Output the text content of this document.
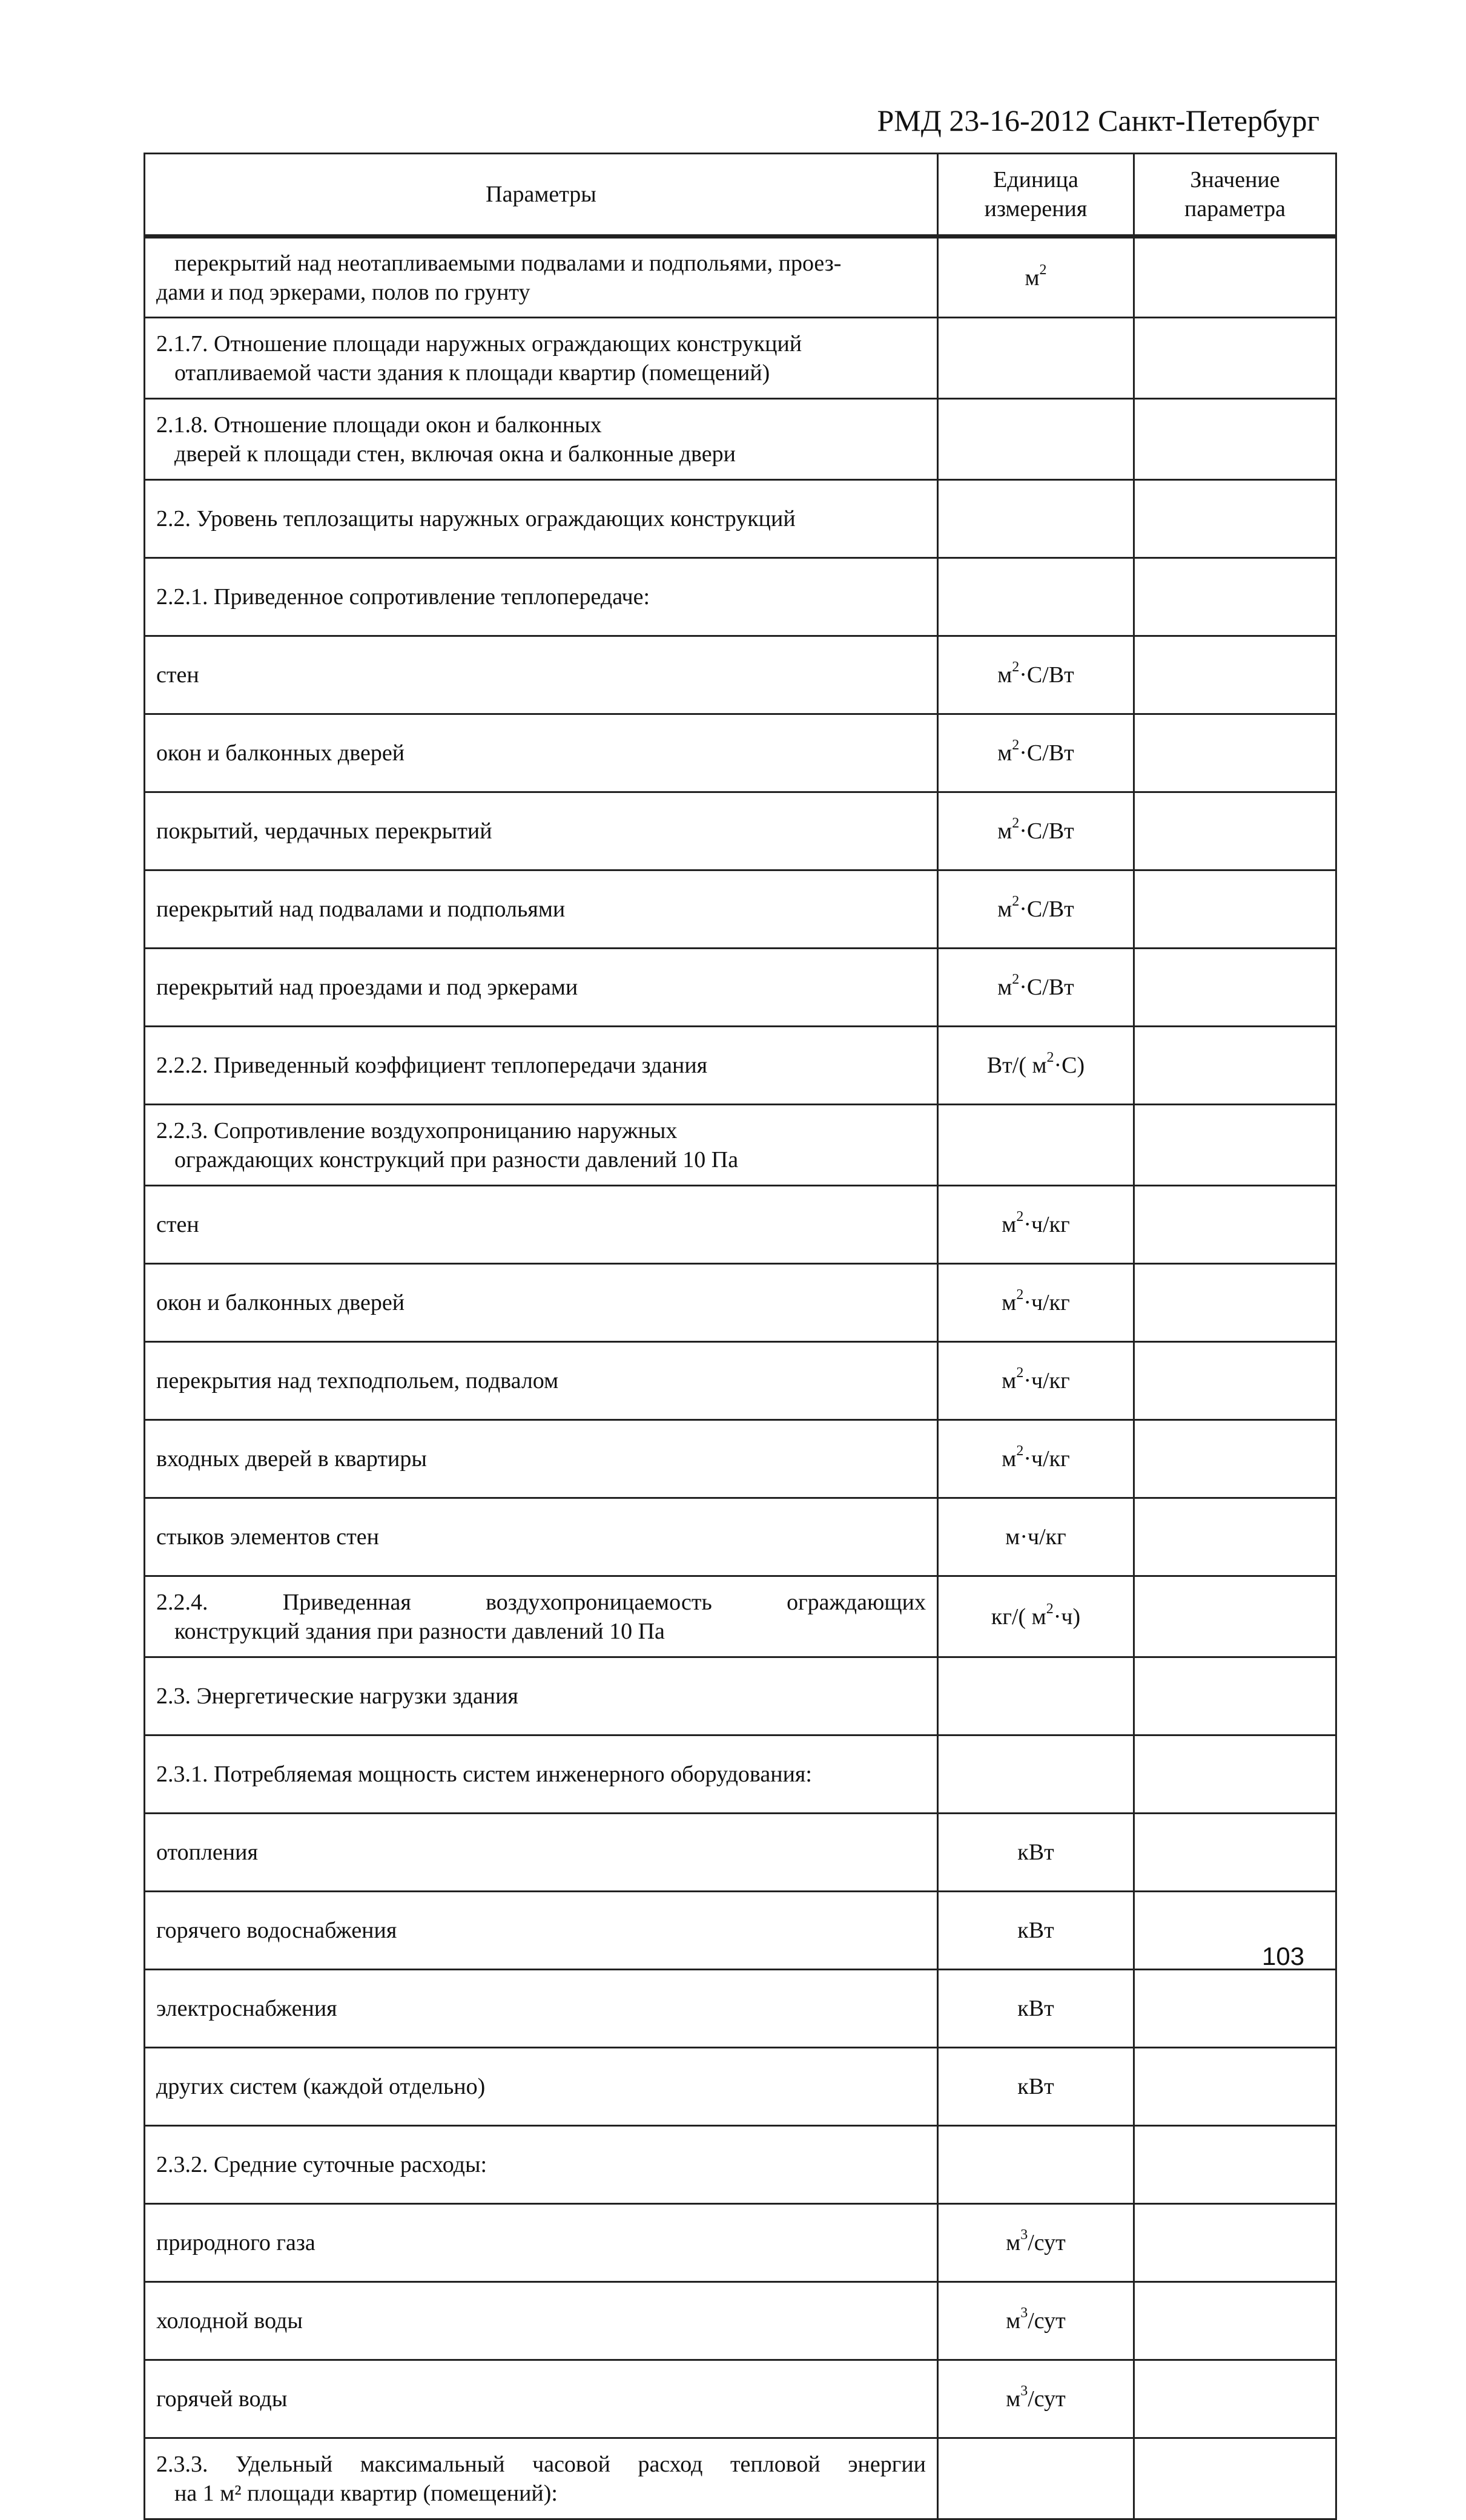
РМД 23-16-2012 Санкт-Петербург
Параметры	Единица измерения	Значение параметра

перекрытий над неотапливаемыми подвалами и подпольями, проез-
дами и под эркерами, полов по грунту	$м^2$	

2.1.7. Отношение площади наружных ограждающих конструкций
отапливаемой части здания к площади квартир (помещений)		

2.1.8. Отношение площади окон и балконных
дверей к площади стен, включая окна и балконные двери		

2.2. Уровень теплозащиты наружных ограждающих конструкций		

2.2.1. Приведенное сопротивление теплопередаче:		

стен	$м^2\cdot С/Вт$	

окон и балконных дверей	$м^2\cdot С/Вт$	

покрытий, чердачных перекрытий	$м^2\cdot С/Вт$	

перекрытий над подвалами и подпольями	$м^2\cdot С/Вт$	

перекрытий над проездами и под эркерами	$м^2\cdot С/Вт$	

2.2.2. Приведенный коэффициент теплопередачи здания	Вт/( $м^2\cdot С$)	

2.2.3. Сопротивление воздухопроницанию наружных
ограждающих конструкций при разности давлений 10 Па		

стен	$м^2\cdot ч/кг$	

окон и балконных дверей	$м^2\cdot ч/кг$	

перекрытия над техподпольем, подвалом	$м^2\cdot ч/кг$	

входных дверей в квартиры	$м^2\cdot ч/кг$	

стыков элементов стен	м·ч/кг	

2.2.4. Приведенная воздухопроницаемость ограждающих
конструкций здания при разности давлений 10 Па	кг/( $м^2\cdot ч$)	

2.3. Энергетические нагрузки здания		

2.3.1. Потребляемая мощность систем инженерного оборудования:		

отопления	кВт	

горячего водоснабжения	кВт	

электроснабжения	кВт	

других систем (каждой отдельно)	кВт	

2.3.2. Средние суточные расходы:		

природного газа	$м^3$/сут	

холодной воды	$м^3$/сут	

горячей воды	$м^3$/сут	

2.3.3. Удельный максимальный часовой расход тепловой энергии
на 1 м² площади квартир (помещений):		

103
